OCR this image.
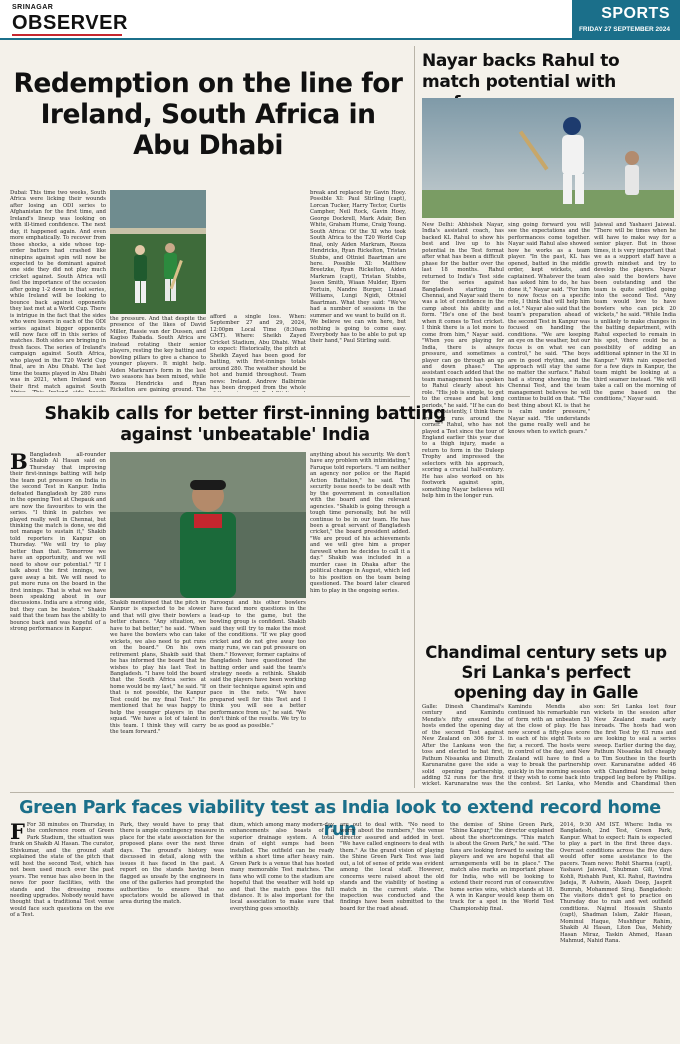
SRINAGAR
OBSERVER	SPORTS
FRIDAY 27 SEPTEMBER 2024
Redemption on the line for Ireland, South Africa in Abu Dhabi

Dubai: This time two weeks, South Africa were licking their wounds after losing an ODI series to Afghanistan for the first time, and Ireland's lineup was looking on with ill-timed confidence. The next day, it happened again. And even more emphatically. To recover from those shocks, a side whose top-order batters had crashed like ninepins against spin will now be expected to be dominant against one side they did not play much cricket against. South Africa will feel the importance of the occasion after going 1-2 down in that series, while Ireland will be looking to bounce back against opponents they last met at a World Cup. There is intrigue in the fact that the sides who were losers in each of the ODI series against bigger opponents will now face off in this series of matches. Both sides are bringing in fresh faces. The series of Ireland's campaign against South Africa, who played in the T20 World Cup final, are in Abu Dhabi. The last time the teams played in Abu Dhabi was in 2021, when Ireland won their first match against South

the pressure. And that despite the presence of the likes of David Miller, Rassie van der Dussen, and Kagiso Rabada. South Africa are instead rotating their senior players, resting the key batting and bowling pillars to give a chance to younger players. It might help. Aiden Markram's form in the last two seasons has been mixed, while Reeza Hendricks and Ryan Rickelton are gaining ground. The

afford a single loss. When: September 27 and 29, 2024, 12:00pm Local Time (8:30am GMT). Where: Sheikh Zayed Cricket Stadium, Abu Dhabi. What to expect: Historically, the pitch at Sheikh Zayed has been good for batting, with first-innings totals around 280. The weather should be hot and humid throughout. Team news: Ireland. Andrew Balbirnie has been dropped from the whole

break and replaced by Gavin Hoey. Possible XI: Paul Stirling (capt), Lorcan Tucker, Harry Tector, Curtis Campher, Neil Rock, Gavin Hoey, George Dockrell, Mark Adair, Ben White, Graham Hume, Craig Young. South Africa: Of the XI who took South Africa to the T20 World Cup final, only Aiden Markram, Reeza Hendricks, Ryan Rickelton, Tristan Stubbs, and Ottniel Baartman are here. Possible XI: Matthew Breetzke, Ryan Rickelton, Aiden Markram (capt), Tristan Stubbs, Jason Smith, Wiaan Mulder, Bjorn Fortuin, Nandre Burger, Lizaad Williams, Lungi Ngidi, Ottniel Baartman. What they said: "We've had a number of sessions in the summer and we want to build on it. We believe we can win here, but nothing is going to come easy. Everybody has to be able to put up their hand," Paul Stirling said.

Nayar backs Rahul to match potential with

New Delhi: Abhishek Nayar, India's assistant coach, has backed KL Rahul to show his best and live up to his potential in the Test format after what has been a difficult phase for the batter over the last 18 months. Rahul returned to India's Test side for the series against Bangladesh starting in Chennai, and Nayar said there was a lot of confidence in the camp about his ability and form. "He's one of the best when it comes to Test cricket. I think there is a lot more to come from him," Nayar said. "When you are playing for India, there is always pressure, and sometimes a player can go through an up and down phase." The assistant coach added that the team management has spoken to Rahul clearly about his role. "His job is simple, to get to the crease and bat long periods," he said. "If he can do that consistently, I think there are big runs around the corner." Rahul, who has not played a Test since the tour of England earlier this year due to a thigh injury, made a return to form in the Duleep Trophy and impressed the selectors with his approach, scoring a crucial half-century. He has also worked on his footwork against spin, something Nayar believes will help him in the longer run.

sing going forward you will see the expectations and the performances come together. Nayar said Rahul also showed how he works as a team player. "In the past, KL has opened, batted in the middle order, kept wickets, and captained. Whatever the team has asked him to do, he has done it," Nayar said. "For him to now focus on a specific role, I think that will help him a lot." Nayar also said that the team's preparation ahead of the second Test in Kanpur was focused on handling the conditions. "We are keeping an eye on the weather, but our focus is on what we can control," he said. "The boys are in good rhythm, and the approach will stay the same no matter the surface." Rahul had a strong showing in the Chennai Test, and the team management believes he will continue to build on that. "The best thing about KL is that he is calm under pressure," Nayar said. "He understands the game really well and he knows when to switch gears."

Jaiswal and Yashasvi Jaiswal. "There will be times when he will have to make way for a senior player. But in those times, it is very important that we as a support staff have a growth mindset and try to develop the players. Nayar also said the bowlers have been outstanding and the team is quite settled going into the second Test. "Any team would love to have bowlers who can pick 20 wickets," he said. "While India is unlikely to make changes in the batting department, with Rahul expected to remain in his spot, there could be a possibility of adding an additional spinner in the XI in Kanpur." With rain expected for a few days in Kanpur, the team might be looking at a third seamer instead. "We will take a call on the morning of the game based on the conditions," Nayar said.

Shakib calls for better first-inning batting against 'unbeatable' India

B Bangladesh all-rounder Shakib Al Hasan said on Thursday that improving their first-innings batting will help the team put pressure on India in the second Test in Kanpur. India defeated Bangladesh by 280 runs in the opening Test at Chepauk and are now the favourites to win the series. "I think in patches we played really well in Chennai, but thinking the match is done, we did not manage to sustain it," Shakib told reporters in Kanpur on Thursday. "We will try to play better than that. Tomorrow we have an opportunity, and we will need to show our potential." "If I talk about the first innings, we gave away a bit. We will need to put more runs on the board in the first innings. That is what we have been speaking about in our discussions. India are a strong side, but they can be beaten." Shakib said that the team has the ability to bounce back and was hopeful of a strong performance in Kanpur.

Shakib mentioned that the pitch in Kanpur is expected to be slower and that will give their bowlers a better chance. "Any situation, we have to bat better," he said. "When we have the bowlers who can take wickets, we also need to put runs on the board." On his own retirement plans, Shakib said that he has informed the board that he wishes to play his last Test in Bangladesh. "I have told the board that the South Africa series at home would be my last," he said. "If that is not possible, the Kanpur Test could be my final Test." He mentioned that he was happy to help the younger players in the squad. "We have a lot of talent in this team. I think they will carry the team forward."

Farooqui and his other bowlers have faced more questions in the lead-up to the game, but the bowling group is confident. Shakib said they will try to make the most of the conditions. "If we play good cricket and do not give away too many runs, we can put pressure on them." However, former captains of Bangladesh have questioned the batting order and said the team's strategy needs a rethink. Shakib said the players have been working on their technique against spin and pace in the nets. "We have prepared well for this Test and I think you will see a better performance from us," he said. "We don't think of the results. We try to be as good as possible."

anything about his security. We don't have any problem with intimidating," Faruque told reporters. "I am neither an agency nor police or the Rapid Action Battalion," he said. The security issue needs to be dealt with by the government in consultation with the board and the relevant agencies. "Shakib is going through a tough time personally, but he will continue to be in our team. He has been a great servant of Bangladesh cricket," the board president added. "We are proud of his achievements and we will give him a proper farewell when he decides to call it a day." Shakib was included in a murder case in Dhaka after the political change in August, which led to his position on the team being questioned. The board later cleared him to play in the ongoing series.

Chandimal century sets up Sri Lanka's perfect opening day in Galle

Galle: Dinesh Chandimal's century and Kamindu Mendis's fifty ensured the hosts ended the opening day of the second Test against New Zealand on 306 for 3. After the Lankans won the toss and elected to bat first, Pathum Nissanka and Dimuth Karunaratne gave the side a solid opening partnership, adding 52 runs for the first wicket. Karunaratne was the

Kamindu Mendis also continued his remarkable run of form with an unbeaten 51 at the close of play. He has now scored a fifty-plus score in each of his eight Tests so far, a record. The hosts were in control of the day, and New Zealand will have to find a way to break the partnership quickly in the morning session if they wish to come back into the contest. Sri Lanka, who

son: Sri Lanka lost four wickets in the session after New Zealand made early inroads. The hosts had won the first Test by 63 runs and are looking to seal a series sweep. Earlier during the day, Pathum Nissanka fell cheaply to Tim Southee in the fourth over. Karunaratne added 46 with Chandimal before being trapped leg before by Phillips. Mendis and Chandimal then

Green Park faces viability test as India look to extend record home run

F For 38 minutes on Thursday, in the conference room of Green Park Stadium, the situation was frank on Shakib Al Hasan. The curator, Shivkumar, and the ground staff explained the state of the pitch that will host the second Test, which has not been used much over the past years. The venue has also been in the news for poor facilities, with the stands and the dressing rooms needing upgrades. Nobody would have thought that a traditional Test venue would face such questions on the eve of a Test.

Park, they would have to pray that there is ample contingency measure in place for the state association for the proposed plans over the next three days. The ground's history was discussed in detail, along with the issues it has faced in the past. A report on the stands having been flagged as unsafe by the engineers in one of the galleries had prompted the authorities to ensure that no spectators would be allowed in that area during the match.

dium, which among many modern-day enhancements also boasts of a superior drainage system. A total drain of eight sumps had been installed. The outfield can be ready within a short time after heavy rain. Green Park is a venue that has hosted many memorable Test matches. The fans who will come to the stadium are hopeful that the weather will hold up and that the match goes the full distance. It is also important for the local association to make sure that everything goes smoothly.

are out to deal with. "No need to worry about the numbers," the venue director assured and added in text. "We have called engineers to deal with them." As the grand vision of playing the Shine Green Park Test was laid out, a lot of sense of pride was evident among the local staff. However, concerns were raised about the old stands and the viability of hosting a match in the current state. The inspection was conducted and the findings have been submitted to the board for the road ahead.

the demise of Shine Green Park, "Shine Kanpur," the director explained about the shortcomings. "This match is about the Green Park," he said. "The fans are looking forward to seeing the players and we are hopeful that all arrangements will be in place." The match also marks an important phase for India, who will be looking to extend their record run of consecutive home series wins, which stands at 18. A win in Kanpur would keep them on track for a spot in the World Test Championship final.

2014, 9:30 AM IST. Where: India vs Bangladesh, 2nd Test, Green Park, Kanpur. What to expect: Rain is expected to play a part in the first three days. Overcast conditions across the five days would offer some assistance to the pacers. Team news: Rohit Sharma (capt), Yashasvi Jaiswal, Shubman Gill, Virat Kohli, Rishabh Pant, KL Rahul, Ravindra Jadeja, R Ashwin, Akash Deep, Jasprit Bumrah, Mohammed Siraj. Bangladesh: The visitors didn't get to practice on Thursday due to rain and wet outfield conditions. Najmul Hossain Shanto (capt), Shadman Islam, Zakir Hasan, Mominul Haque, Mushfiqur Rahim, Shakib Al Hasan, Liton Das, Mehidy Hasan Miraz, Taskin Ahmed, Hasan Mahmud, Nahid Rana.
